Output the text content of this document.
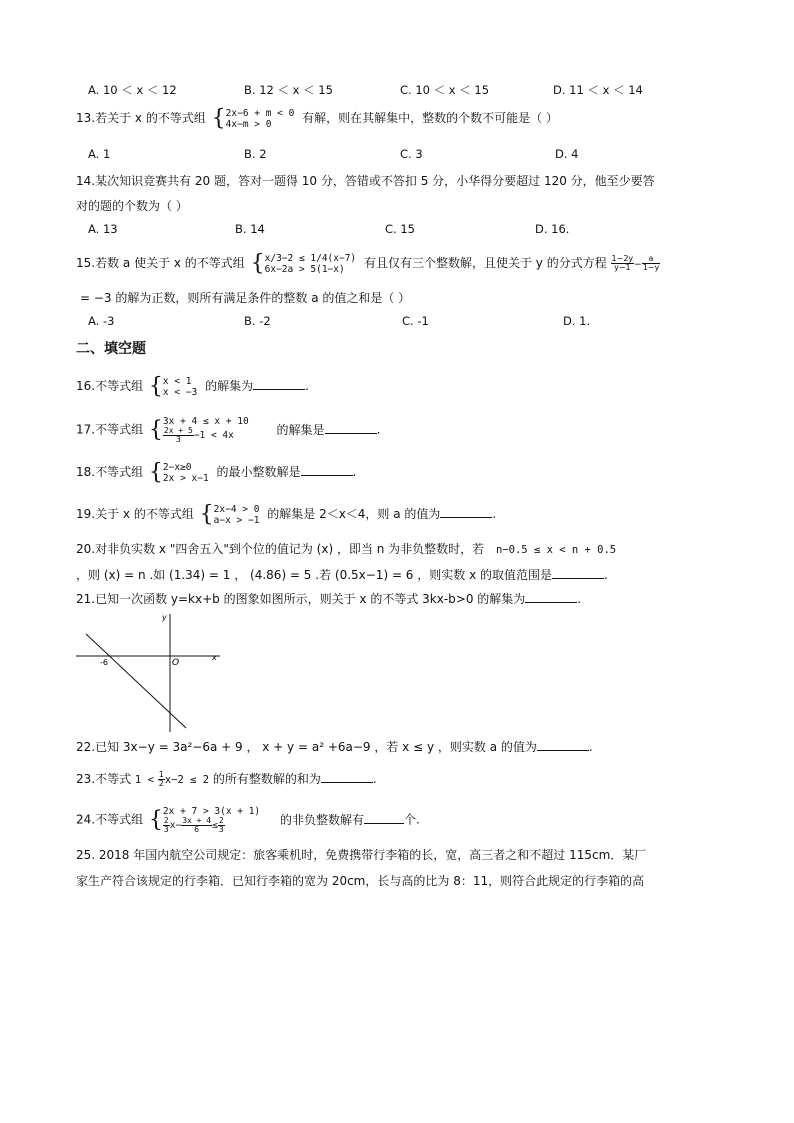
A. 10 ＜ x ＜ 12	B. 12 ＜ x ＜ 15	C. 10 ＜ x ＜ 15	D. 11 ＜ x ＜ 14
13.若关于 x 的不等式组 {2x−6 + m < 0
4x−m > 0	有解，则在其解集中，整数的个数不可能是（ ）
A. 1	B. 2	C. 3	D. 4
14.某次知识竞赛共有 20 题，答对一题得 10 分，答错或不答扣 5 分，小华得分要超过 120 分，他至少要答
对的题的个数为（ ）
A. 13	B. 14	C. 15	D. 16.
15.若数 a 使关于 x 的不等式组 {x/3−2 ≤ 1/4(x−7)
6x−2a > 5(1−x) 有且仅有三个整数解，且使关于 y 的分式方程 $\frac{1-2y}{y-1} - \frac{a}{1-y}$
= −3 的解为正数，则所有满足条件的整数 a 的值之和是（ ）
A. -3	B. -2	C. -1	D. 1.
二、填空题
16.不等式组 {x < 1
x < −3 的解集为	.
17.不等式组 {3x + 4 ≤ x + 10

$\frac{2x + 5}{3} -1 < 4x$	的解集是	.
18.不等式组 {2−x≥0
2x > x−1 的最小整数解是	.
19.关于 x 的不等式组 {2x−4 > 0
a−x > −1 的解集是 2＜x＜4，则 a 的值为	.
20.对非负实数 x "四舍五入"到个位的值记为 (x) ，即当 n 为非负整数时，若 n−0.5 ≤ x < n + 0.5
，则 (x) = n .如 (1.34) = 1 ， (4.86) = 5 .若 (0.5x−1) = 6 ，则实数 x 的取值范围是	.
21.已知一次函数 y=kx+b 的图象如图所示，则关于 x 的不等式 3kx-b>0 的解集为	.
y
x
O
-6
22.已知 3x−y = 3a²−6a + 9 ， x + y = a² +6a−9 ，若 x ≤ y ，则实数 a 的值为	.
23.不等式 $1 < \frac{1}{2} x-2 \le 2$ 的所有整数解的和为	.
24.不等式组 {2x + 7 > 3(x + 1)

$\frac{2}{3} x- \frac{3x + 4}{6} \le \frac{2}{3}$	的非负整数解有	个.
25. 2018 年国内航空公司规定：旅客乘机时，免费携带行李箱的长，宽，高三者之和不超过 115cm．某厂
家生产符合该规定的行李箱．已知行李箱的宽为 20cm，长与高的比为 8：11，则符合此规定的行李箱的高
